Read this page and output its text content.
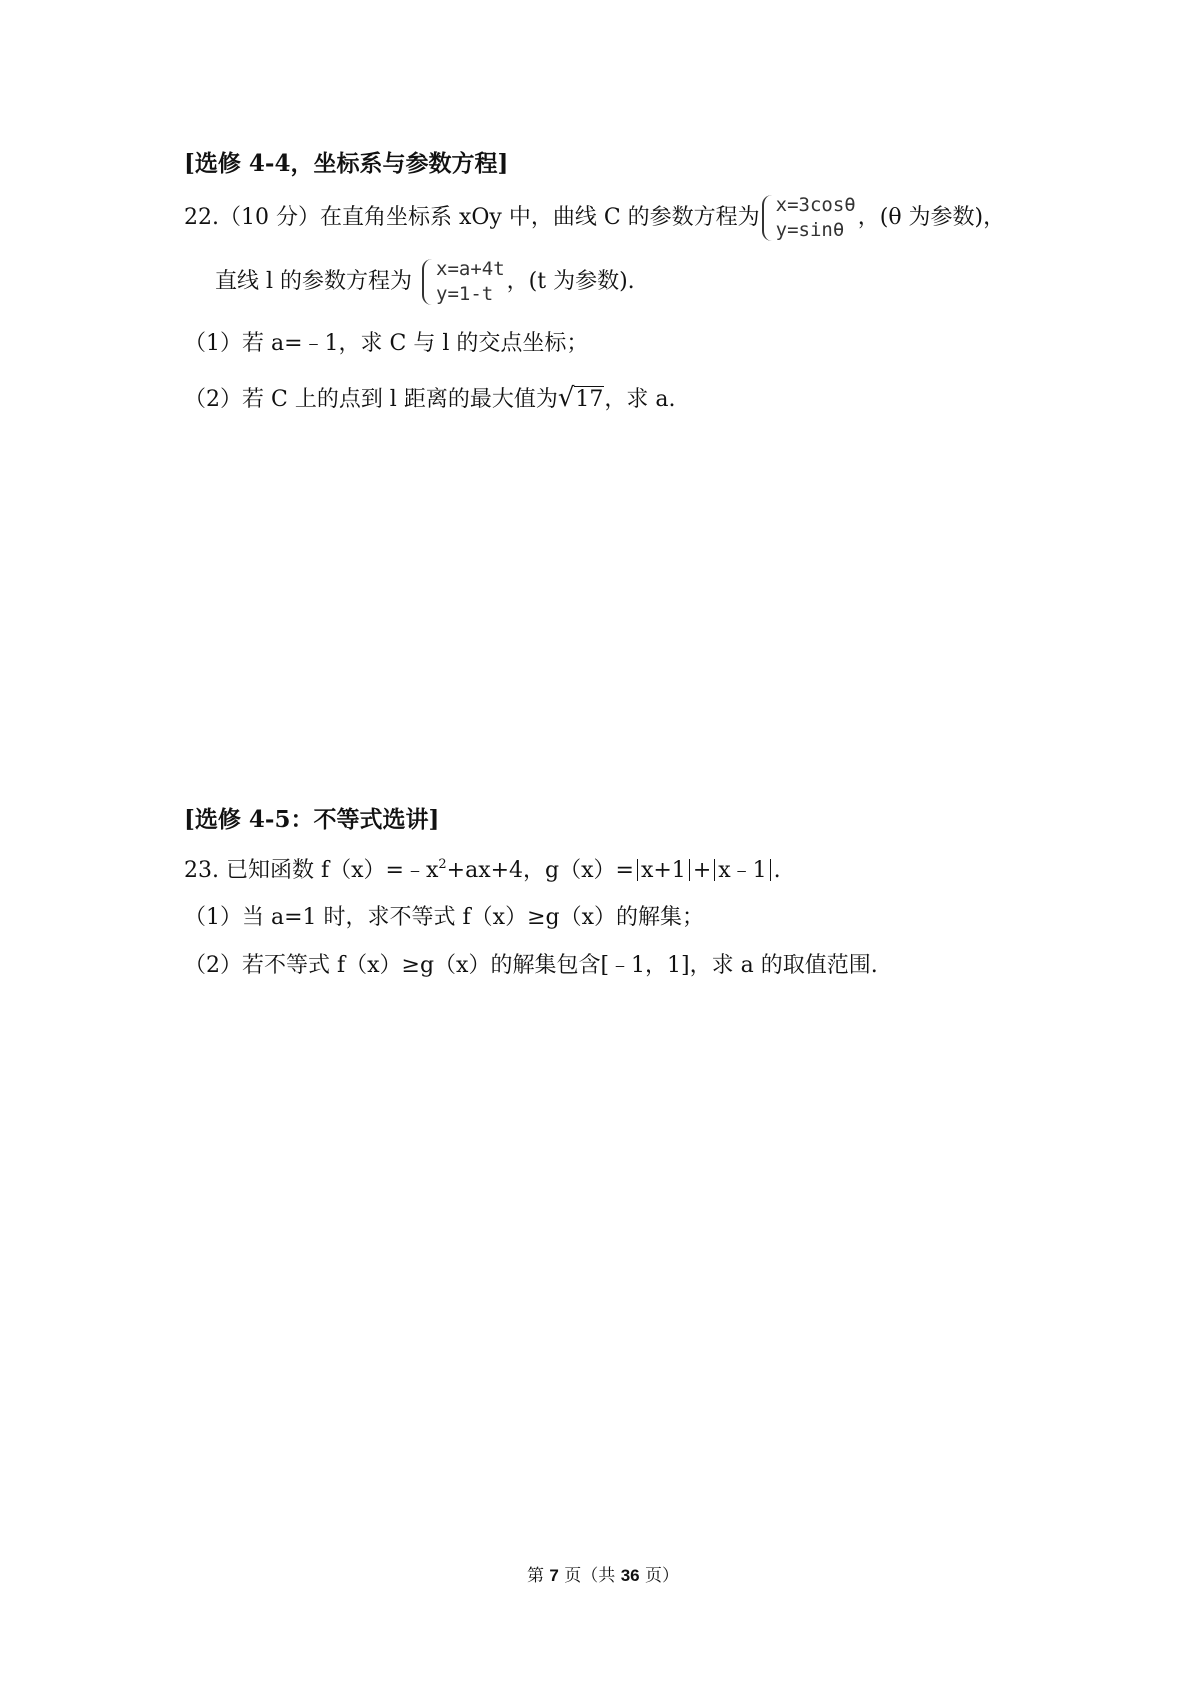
[选修 4-4，坐标系与参数方程]
22.（10 分）在直角坐标系 xOy 中，曲线 C 的参数方程为 x=3cosθ
y=sinθ ，(θ 为参数)，
直线 l 的参数方程为 x=a+4t
y=1-t ，(t 为参数).
（1）若 a=﹣1，求 C 与 l 的交点坐标；
（2）若 C 上的点到 l 距离的最大值为√17，求 a.
[选修 4-5：不等式选讲]
23. 已知函数 $f(x)=﹣x^2+ax+4$，g（x）= x+1 + x﹣1 .
（1）当 a=1 时，求不等式 f（x）≥g（x）的解集；
（2）若不等式 f（x）≥g（x）的解集包含[﹣1，1]，求 a 的取值范围.
第 7 页（共 36 页）
